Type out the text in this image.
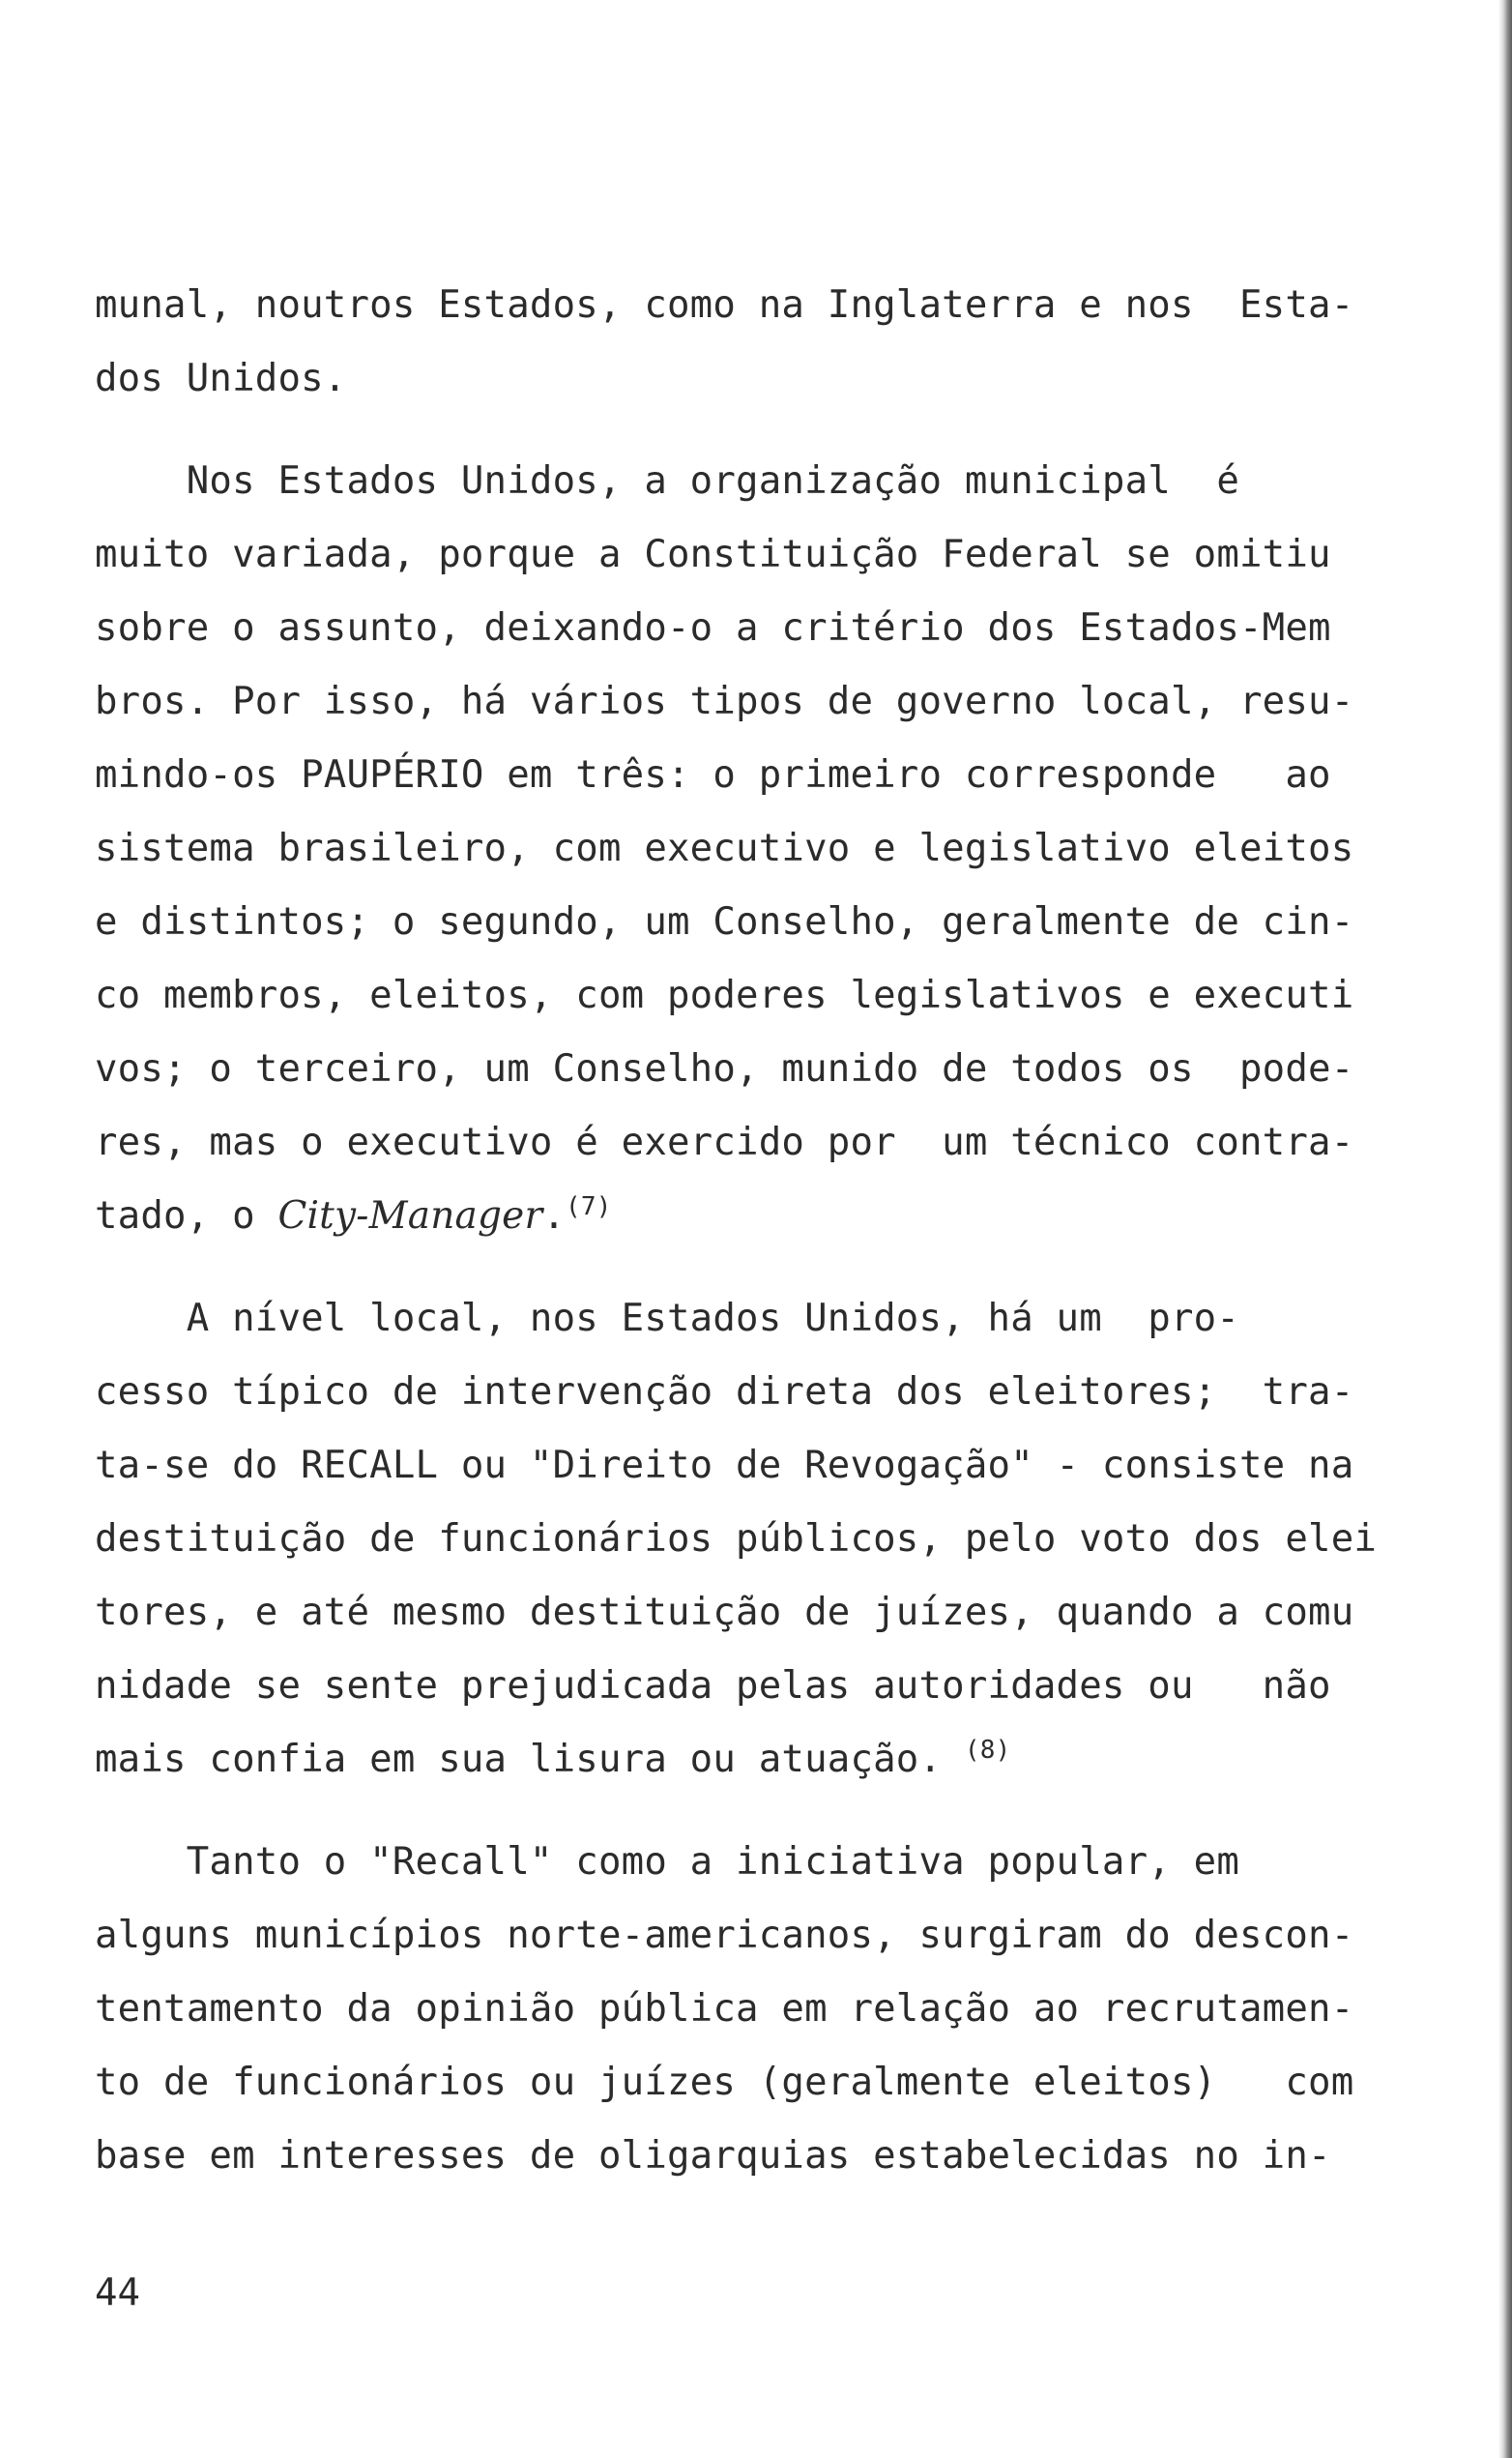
munal, noutros Estados, como na Inglaterra e nos  Esta-
dos Unidos.
Nos Estados Unidos, a organização municipal  é
muito variada, porque a Constituição Federal se omitiu
sobre o assunto, deixando-o a critério dos Estados-Mem
bros. Por isso, há vários tipos de governo local, resu-
mindo-os PAUPÉRIO em três: o primeiro corresponde   ao
sistema brasileiro, com executivo e legislativo eleitos
e distintos; o segundo, um Conselho, geralmente de cin-
co membros, eleitos, com poderes legislativos e executi
vos; o terceiro, um Conselho, munido de todos os  pode-
res, mas o executivo é exercido por  um técnico contra-
tado, o City-Manager.$^{(7)}$
A nível local, nos Estados Unidos, há um  pro-
cesso típico de intervenção direta dos eleitores;  tra-
ta-se do RECALL ou "Direito de Revogação" - consiste na
destituição de funcionários públicos, pelo voto dos elei
tores, e até mesmo destituição de juízes, quando a comu
nidade se sente prejudicada pelas autoridades ou   não
mais confia em sua lisura ou atuação. $^{(8)}$
Tanto o "Recall" como a iniciativa popular, em
alguns municípios norte-americanos, surgiram do descon-
tentamento da opinião pública em relação ao recrutamen-
to de funcionários ou juízes (geralmente eleitos)   com
base em interesses de oligarquias estabelecidas no in-
44
